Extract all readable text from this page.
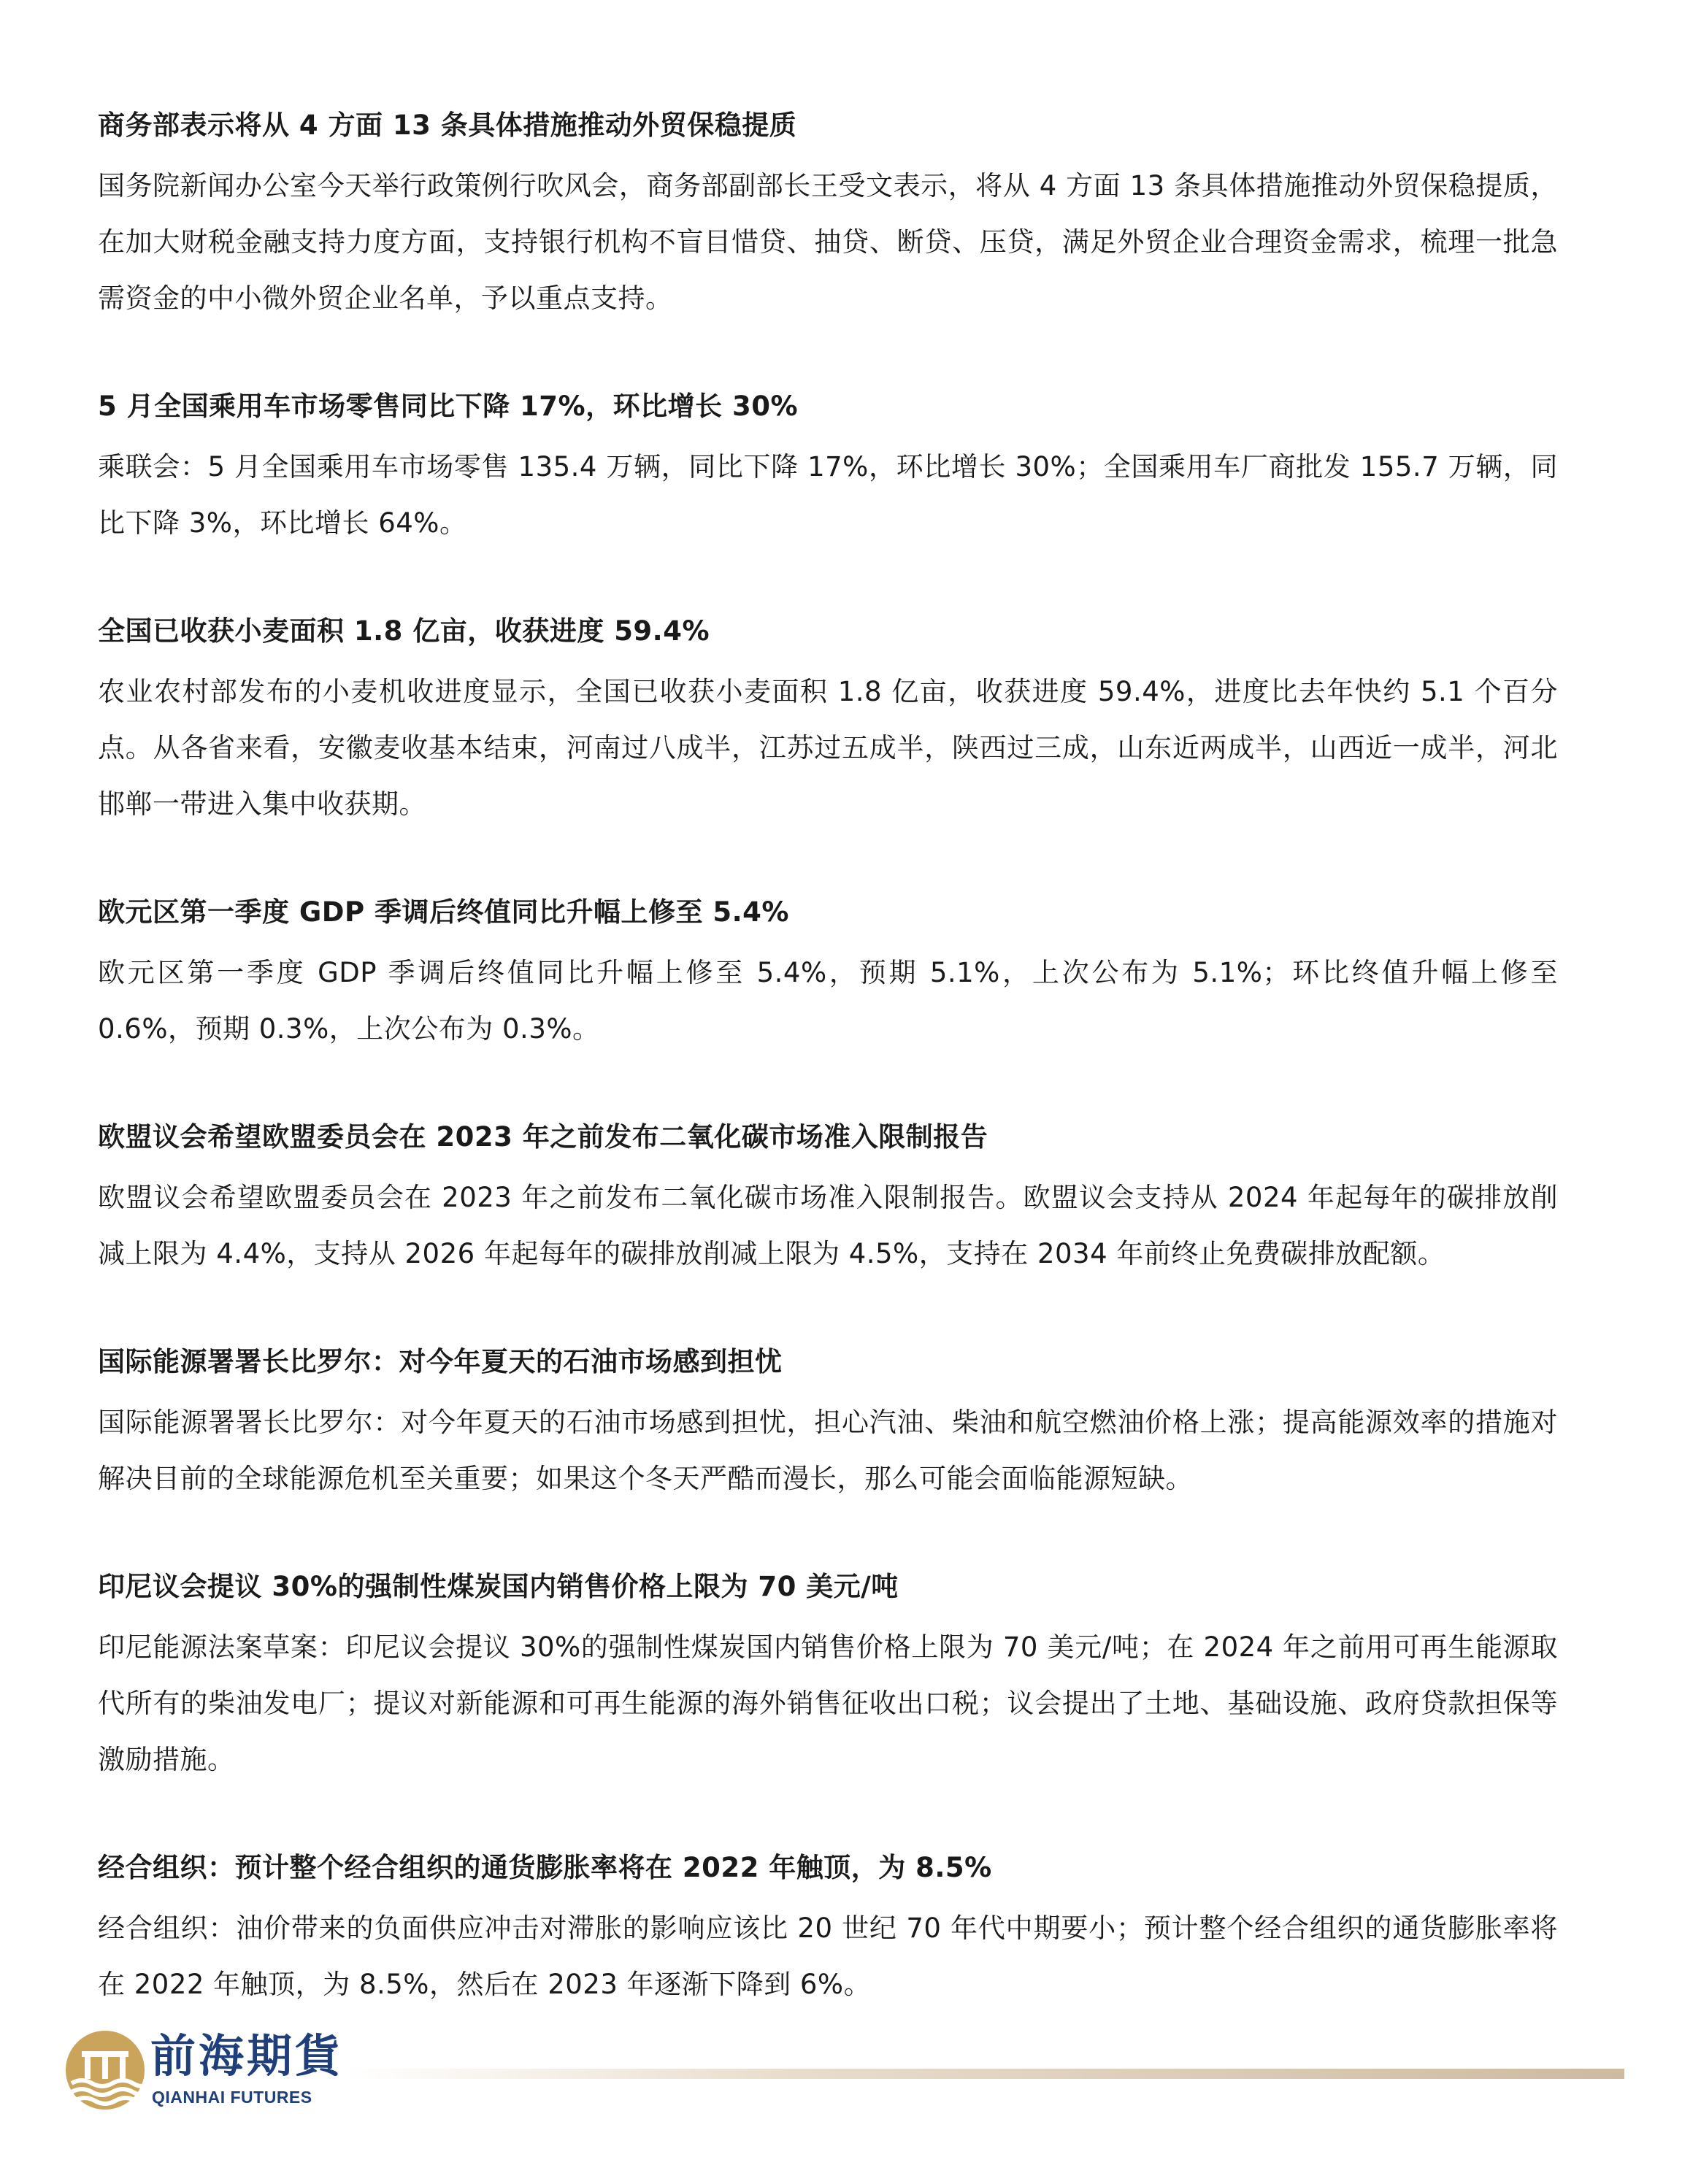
商务部表示将从 4 方面 13 条具体措施推动外贸保稳提质
国务院新闻办公室今天举行政策例行吹风会，商务部副部长王受文表示，将从 4 方面 13 条具体措施推动外贸保稳提质，在加大财税金融支持力度方面，支持银行机构不盲目惜贷、抽贷、断贷、压贷，满足外贸企业合理资金需求，梳理一批急需资金的中小微外贸企业名单，予以重点支持。
5 月全国乘用车市场零售同比下降 17%，环比增长 30%
乘联会：5 月全国乘用车市场零售 135.4 万辆，同比下降 17%，环比增长 30%；全国乘用车厂商批发 155.7 万辆，同比下降 3%，环比增长 64%。
全国已收获小麦面积 1.8 亿亩，收获进度 59.4%
农业农村部发布的小麦机收进度显示，全国已收获小麦面积 1.8 亿亩，收获进度 59.4%，进度比去年快约 5.1 个百分点。从各省来看，安徽麦收基本结束，河南过八成半，江苏过五成半，陕西过三成，山东近两成半，山西近一成半，河北邯郸一带进入集中收获期。
欧元区第一季度 GDP 季调后终值同比升幅上修至 5.4%
欧元区第一季度 GDP 季调后终值同比升幅上修至 5.4%，预期 5.1%，上次公布为 5.1%；环比终值升幅上修至 0.6%，预期 0.3%，上次公布为 0.3%。
欧盟议会希望欧盟委员会在 2023 年之前发布二氧化碳市场准入限制报告
欧盟议会希望欧盟委员会在 2023 年之前发布二氧化碳市场准入限制报告。欧盟议会支持从 2024 年起每年的碳排放削减上限为 4.4%，支持从 2026 年起每年的碳排放削减上限为 4.5%，支持在 2034 年前终止免费碳排放配额。
国际能源署署长比罗尔：对今年夏天的石油市场感到担忧
国际能源署署长比罗尔：对今年夏天的石油市场感到担忧，担心汽油、柴油和航空燃油价格上涨；提高能源效率的措施对解决目前的全球能源危机至关重要；如果这个冬天严酷而漫长，那么可能会面临能源短缺。
印尼议会提议 30%的强制性煤炭国内销售价格上限为 70 美元/吨
印尼能源法案草案：印尼议会提议 30%的强制性煤炭国内销售价格上限为 70 美元/吨；在 2024 年之前用可再生能源取代所有的柴油发电厂；提议对新能源和可再生能源的海外销售征收出口税；议会提出了土地、基础设施、政府贷款担保等激励措施。
经合组织：预计整个经合组织的通货膨胀率将在 2022 年触顶，为 8.5%
经合组织：油价带来的负面供应冲击对滞胀的影响应该比 20 世纪 70 年代中期要小；预计整个经合组织的通货膨胀率将在 2022 年触顶，为 8.5%，然后在 2023 年逐渐下降到 6%。
前海期貨
QIANHAI FUTURES
